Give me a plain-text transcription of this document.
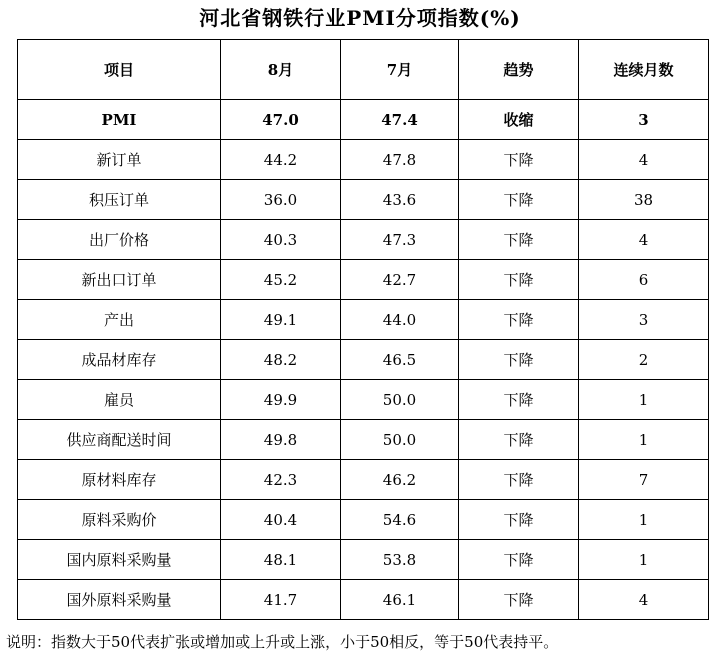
河北省钢铁行业PMI分项指数(%)
项目	8月	7月	趋势	连续月数
PMI	47.0	47.4	收缩	3
新订单	44.2	47.8	下降	4
积压订单	36.0	43.6	下降	38
出厂价格	40.3	47.3	下降	4
新出口订单	45.2	42.7	下降	6
产出	49.1	44.0	下降	3
成品材库存	48.2	46.5	下降	2
雇员	49.9	50.0	下降	1
供应商配送时间	49.8	50.0	下降	1
原材料库存	42.3	46.2	下降	7
原料采购价	40.4	54.6	下降	1
国内原料采购量	48.1	53.8	下降	1
国外原料采购量	41.7	46.1	下降	4
说明：指数大于50代表扩张或增加或上升或上涨，小于50相反，等于50代表持平。
